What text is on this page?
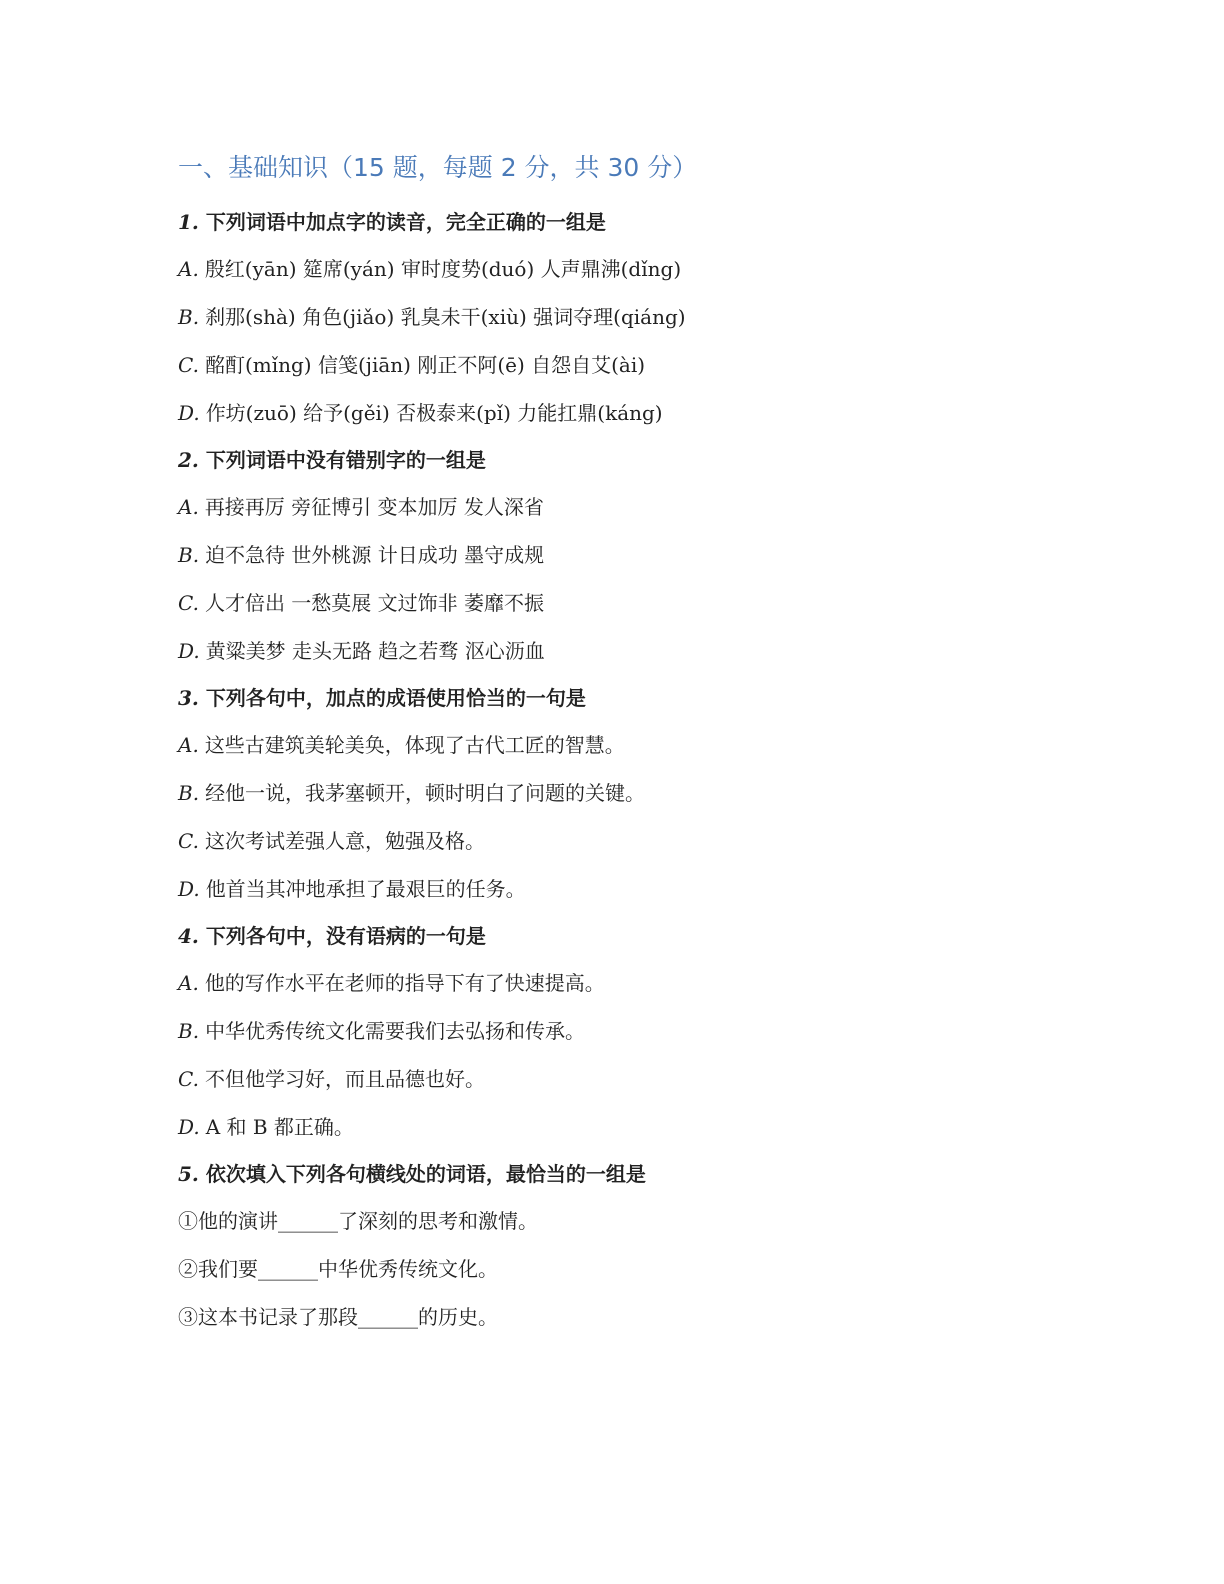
一、基础知识（15 题，每题 2 分，共 30 分）
1. 下列词语中加点字的读音，完全正确的一组是
A. 殷红(yān) 筵席(yán) 审时度势(duó) 人声鼎沸(dǐng)
B. 刹那(shà) 角色(jiǎo) 乳臭未干(xiù) 强词夺理(qiáng)
C. 酩酊(mǐng) 信笺(jiān) 刚正不阿(ē) 自怨自艾(ài)
D. 作坊(zuō) 给予(gěi) 否极泰来(pǐ) 力能扛鼎(káng)
2. 下列词语中没有错别字的一组是
A. 再接再厉 旁征博引 变本加厉 发人深省
B. 迫不急待 世外桃源 计日成功 墨守成规
C. 人才倍出 一愁莫展 文过饰非 萎靡不振
D. 黄粱美梦 走头无路 趋之若骛 沤心沥血
3. 下列各句中，加点的成语使用恰当的一句是
A. 这些古建筑美轮美奂，体现了古代工匠的智慧。
B. 经他一说，我茅塞顿开，顿时明白了问题的关键。
C. 这次考试差强人意，勉强及格。
D. 他首当其冲地承担了最艰巨的任务。
4. 下列各句中，没有语病的一句是
A. 他的写作水平在老师的指导下有了快速提高。
B. 中华优秀传统文化需要我们去弘扬和传承。
C. 不但他学习好，而且品德也好。
D. A 和 B 都正确。
5. 依次填入下列各句横线处的词语，最恰当的一组是
①他的演讲______了深刻的思考和激情。
②我们要______中华优秀传统文化。
③这本书记录了那段______的历史。
